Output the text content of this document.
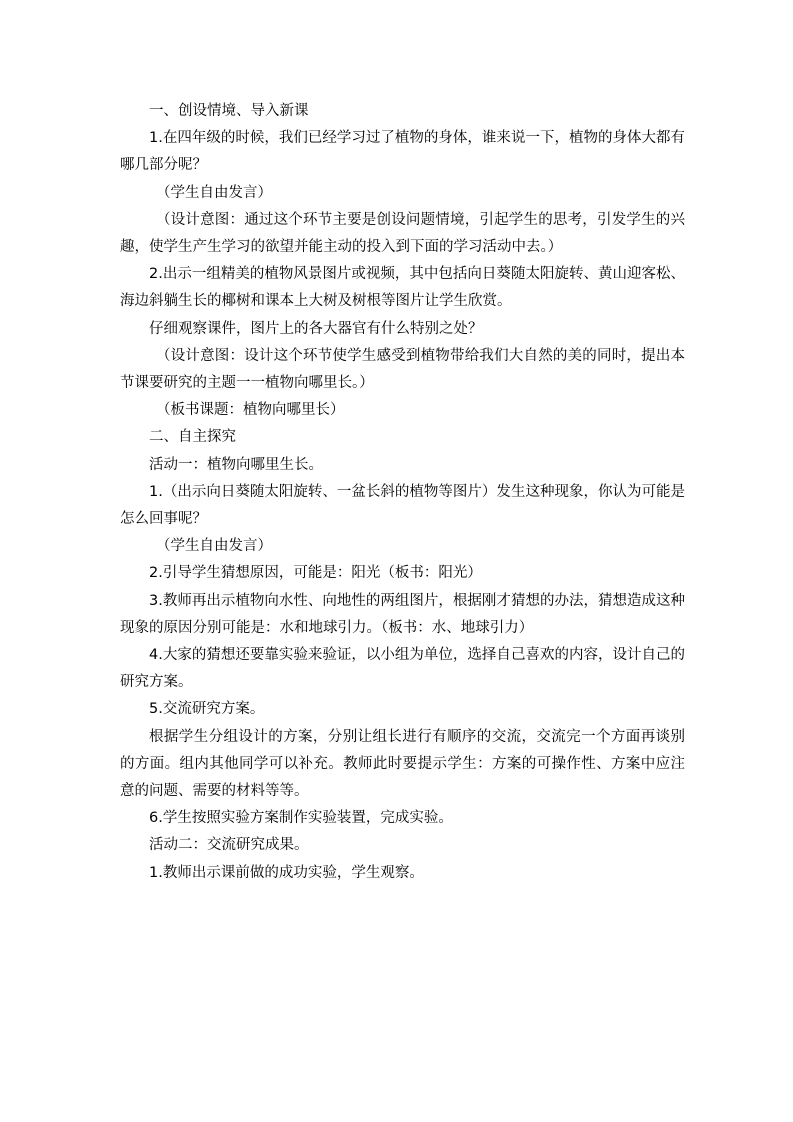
一、创设情境、导入新课

1.在四年级的时候，我们已经学习过了植物的身体，谁来说一下，植物的身体大都有哪几部分呢？

（学生自由发言）

（设计意图：通过这个环节主要是创设问题情境，引起学生的思考，引发学生的兴趣，使学生产生学习的欲望并能主动的投入到下面的学习活动中去。）

2.出示一组精美的植物风景图片或视频，其中包括向日葵随太阳旋转、黄山迎客松、海边斜躺生长的椰树和课本上大树及树根等图片让学生欣赏。

仔细观察课件，图片上的各大器官有什么特别之处？

（设计意图：设计这个环节使学生感受到植物带给我们大自然的美的同时，提出本节课要研究的主题一一植物向哪里长。）

（板书课题：植物向哪里长）

二、自主探究

活动一：植物向哪里生长。

1.（出示向日葵随太阳旋转、一盆长斜的植物等图片）发生这种现象，你认为可能是怎么回事呢？

（学生自由发言）

2.引导学生猜想原因，可能是：阳光（板书：阳光）

3.教师再出示植物向水性、向地性的两组图片，根据刚才猜想的办法，猜想造成这种现象的原因分别可能是：水和地球引力。（板书：水、地球引力）

4.大家的猜想还要靠实验来验证，以小组为单位，选择自己喜欢的内容，设计自己的研究方案。

5.交流研究方案。

根据学生分组设计的方案，分别让组长进行有顺序的交流，交流完一个方面再谈别的方面。组内其他同学可以补充。教师此时要提示学生：方案的可操作性、方案中应注意的问题、需要的材料等等。

6.学生按照实验方案制作实验装置，完成实验。

活动二：交流研究成果。

1.教师出示课前做的成功实验，学生观察。
